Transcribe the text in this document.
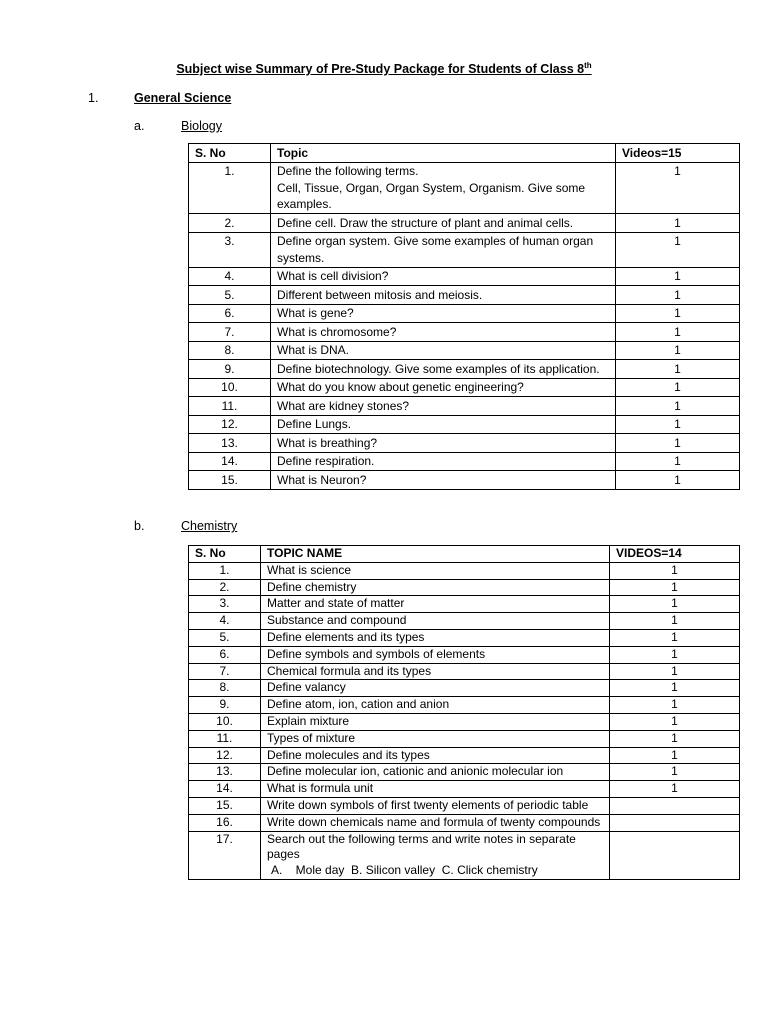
Subject wise Summary of Pre-Study Package for Students of Class 8th
1.	General Science
a.	Biology
S. No	Topic	Videos=15
1.	Define the following terms.
Cell, Tissue, Organ, Organ System, Organism. Give some examples.	1
2.	Define cell. Draw the structure of plant and animal cells.	1
3.	Define organ system. Give some examples of human organ systems.	1
4.	What is cell division?	1
5.	Different between mitosis and meiosis.	1
6.	What is gene?	1
7.	What is chromosome?	1
8.	What is DNA.	1
9.	Define biotechnology. Give some examples of its application.	1
10.	What do you know about genetic engineering?	1
11.	What are kidney stones?	1
12.	Define Lungs.	1
13.	What is breathing?	1
14.	Define respiration.	1
15.	What is Neuron?	1
b.	Chemistry
S. No	TOPIC NAME	VIDEOS=14
1.	What is science	1
2.	Define chemistry	1
3.	Matter and state of matter	1
4.	Substance and compound	1
5.	Define elements and its types	1
6.	Define symbols and symbols of elements	1
7.	Chemical formula and its types	1
8.	Define valancy	1
9.	Define atom, ion, cation and anion	1
10.	Explain mixture	1
11.	Types of mixture	1
12.	Define molecules and its types	1
13.	Define molecular ion, cationic and anionic molecular ion	1
14.	What is formula unit	1
15.	Write down symbols of first twenty elements of periodic table	

16.	Write down chemicals name and formula of twenty compounds	

17.	Search out the following terms and write notes in separate pages
A.    Mole day  B. Silicon valley  C. Click chemistry	
